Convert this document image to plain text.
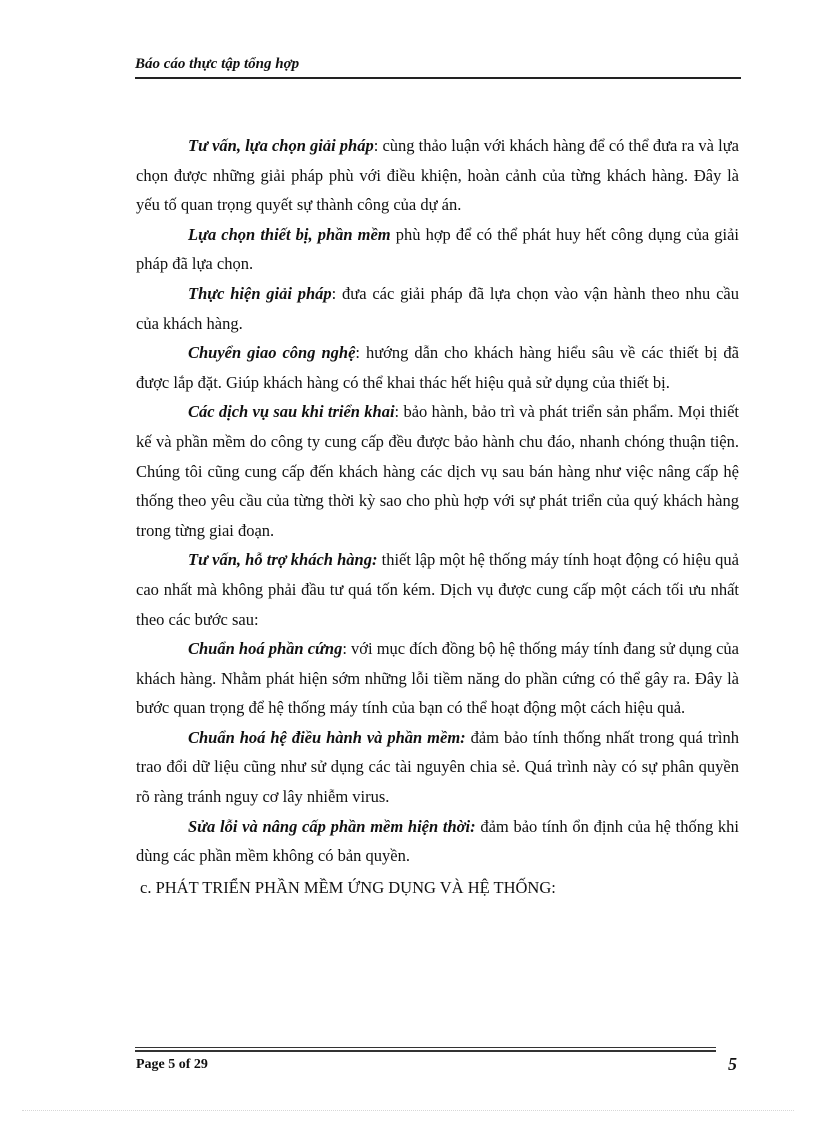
Báo cáo thực tập tổng hợp

Tư vấn, lựa chọn giải pháp: cùng thảo luận với khách hàng để có thể đưa ra và lựa chọn được những giải pháp phù với điều khiện, hoàn cảnh của từng khách hàng. Đây là yếu tố quan trọng quyết sự thành công của dự án.

Lựa chọn thiết bị, phần mềm phù hợp để có thể phát huy hết công dụng của giải pháp đã lựa chọn.

Thực hiện giải pháp: đưa các giải pháp đã lựa chọn vào vận hành theo nhu cầu của khách hàng.

Chuyển giao công nghệ: hướng dẫn cho khách hàng hiểu sâu về các thiết bị đã được lắp đặt. Giúp khách hàng có thể khai thác hết hiệu quả sử dụng của thiết bị.

Các dịch vụ sau khi triển khai: bảo hành, bảo trì và phát triển sản phẩm. Mọi thiết kế và phần mềm do công ty cung cấp đều được bảo hành chu đáo, nhanh chóng thuận tiện. Chúng tôi cũng cung cấp đến khách hàng các dịch vụ sau bán hàng như việc nâng cấp hệ thống theo yêu cầu của từng thời kỳ sao cho phù hợp với sự phát triển của quý khách hàng trong từng giai đoạn.

Tư vấn, hỗ trợ khách hàng: thiết lập một hệ thống máy tính hoạt động có hiệu quả cao nhất mà không phải đầu tư quá tốn kém. Dịch vụ được cung cấp một cách tối ưu nhất theo các bước sau:

Chuẩn hoá phần cứng: với mục đích đồng bộ hệ thống máy tính đang sử dụng của khách hàng. Nhằm phát hiện sớm những lỗi tiềm năng do phần cứng có thể gây ra. Đây là bước quan trọng để hệ thống máy tính của bạn có thể hoạt động một cách hiệu quả.

Chuẩn hoá hệ điều hành và phần mềm: đảm bảo tính thống nhất trong quá trình trao đổi dữ liệu cũng như sử dụng các tài nguyên chia sẻ. Quá trình này có sự phân quyền rõ ràng tránh nguy cơ lây nhiễm virus.

Sửa lỗi và nâng cấp phần mềm hiện thời: đảm bảo tính ổn định của hệ thống khi dùng các phần mềm không có bản quyền.

c. PHÁT TRIỂN PHẦN MỀM ỨNG DỤNG VÀ HỆ THỐNG:

Page 5 of 29	5
